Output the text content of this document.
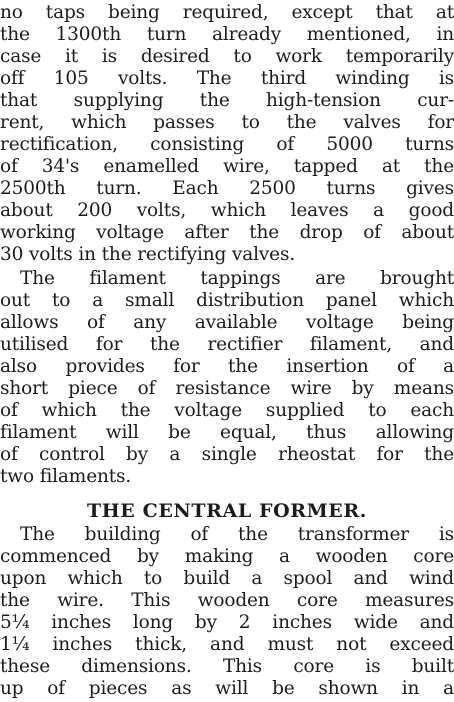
no taps being required, except that at
the 1300th turn already mentioned, in
case it is desired to work temporarily
off 105 volts. The third winding is
that supplying the high-tension cur-
rent, which passes to the valves for
rectification, consisting of 5000 turns
of 34's enamelled wire, tapped at the
2500th turn. Each 2500 turns gives
about 200 volts, which leaves a good
working voltage after the drop of about
30 volts in the rectifying valves.
The filament tappings are brought
out to a small distribution panel which
allows of any available voltage being
utilised for the rectifier filament, and
also provides for the insertion of a
short piece of resistance wire by means
of which the voltage supplied to each
filament will be equal, thus allowing
of control by a single rheostat for the
two filaments.
THE CENTRAL FORMER.
The building of the transformer is
commenced by making a wooden core
upon which to build a spool and wind
the wire. This wooden core measures
5¼ inches long by 2 inches wide and
1¼ inches thick, and must not exceed
these dimensions. This core is built
up of pieces as will be shown in a
